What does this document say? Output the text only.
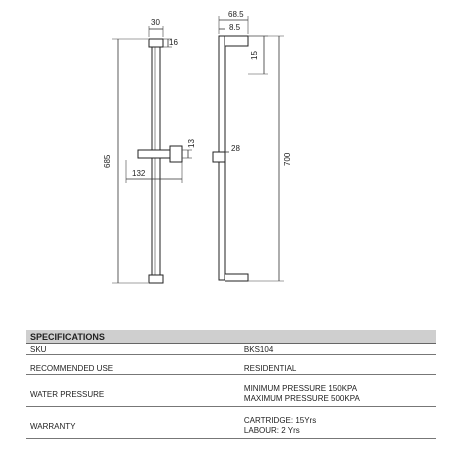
30
16
685
13
132
68.5
8.5
15
28
700
SPECIFICATIONS	
SKU	BKS104

RECOMMENDED USE	RESIDENTIAL

WATER PRESSURE	MINIMUM PRESSURE 150KPA
MAXIMUM PRESSURE 500KPA

WARRANTY	CARTRIDGE: 15Yrs
LABOUR: 2 Yrs
